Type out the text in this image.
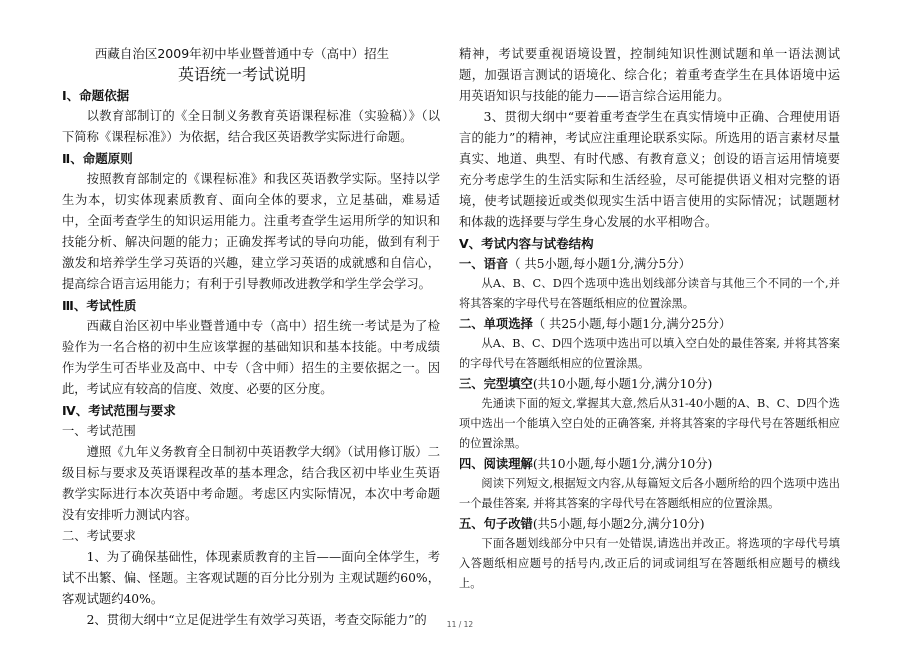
西藏自治区2009年初中毕业暨普通中专（高中）招生
英语统一考试说明
Ⅰ、命题依据

以教育部制订的《全日制义务教育英语课程标准（实验稿）》（以下简称《课程标准》）为依据，结合我区英语教学实际进行命题。

Ⅱ、命题原则

按照教育部制定的《课程标准》和我区英语教学实际。坚持以学生为本，切实体现素质教育、面向全体的要求，立足基础，难易适中，全面考查学生的知识运用能力。注重考查学生运用所学的知识和技能分析、解决问题的能力；正确发挥考试的导向功能，做到有利于激发和培养学生学习英语的兴趣，建立学习英语的成就感和自信心，提高综合语言运用能力；有利于引导教师改进教学和学生学会学习。

Ⅲ、考试性质

西藏自治区初中毕业暨普通中专（高中）招生统一考试是为了检验作为一名合格的初中生应该掌握的基础知识和基本技能。中考成绩作为学生可否毕业及高中、中专（含中师）招生的主要依据之一。因此，考试应有较高的信度、效度、必要的区分度。

Ⅳ、考试范围与要求
一、考试范围

遵照《九年义务教育全日制初中英语教学大纲》（试用修订版）二级目标与要求及英语课程改革的基本理念，结合我区初中毕业生英语教学实际进行本次英语中考命题。考虑区内实际情况，本次中考命题没有安排听力测试内容。

二、考试要求

1、为了确保基础性，体现素质教育的主旨——面向全体学生，考试不出繁、偏、怪题。主客观试题的百分比分别为 主观试题约60%，客观试题约40%。

2、贯彻大纲中“立足促进学生有效学习英语，考查交际能力”的

精神，考试要重视语境设置，控制纯知识性测试题和单一语法测试题，加强语言测试的语境化、综合化；着重考查学生在具体语境中运用英语知识与技能的能力——语言综合运用能力。

3、贯彻大纲中“要着重考查学生在真实情境中正确、合理使用语言的能力”的精神，考试应注重理论联系实际。所选用的语言素材尽量真实、地道、典型、有时代感、有教育意义；创设的语言运用情境要充分考虑学生的生活实际和生活经验，尽可能提供语义相对完整的语境，使考试题接近或类似现实生活中语言使用的实际情况；试题题材和体裁的选择要与学生身心发展的水平相吻合。

Ⅴ、考试内容与试卷结构
一、语音（ 共5小题,每小题1分,满分5分）

从A、B、C、D四个选项中选出划线部分读音与其他三个不同的一个,并将其答案的字母代号在答题纸相应的位置涂黑。

二、单项选择（ 共25小题,每小题1分,满分25分）

从A、B、C、D四个选项中选出可以填入空白处的最佳答案, 并将其答案的字母代号在答题纸相应的位置涂黑。

三、完型填空(共10小题,每小题1分,满分10分)

先通读下面的短文,掌握其大意,然后从31-40小题的A、B、C、D四个选项中选出一个能填入空白处的正确答案, 并将其答案的字母代号在答题纸相应的位置涂黑。

四、阅读理解(共10小题,每小题1分,满分10分)

阅读下列短文,根据短文内容,从每篇短文后各小题所给的四个选项中选出一个最佳答案, 并将其答案的字母代号在答题纸相应的位置涂黑。

五、句子改错(共5小题,每小题2分,满分10分)

下面各题划线部分中只有一处错误,请选出并改正。将选项的字母代号填入答题纸相应题号的括号内,改正后的词或词组写在答题纸相应题号的横线上。

11 / 12
